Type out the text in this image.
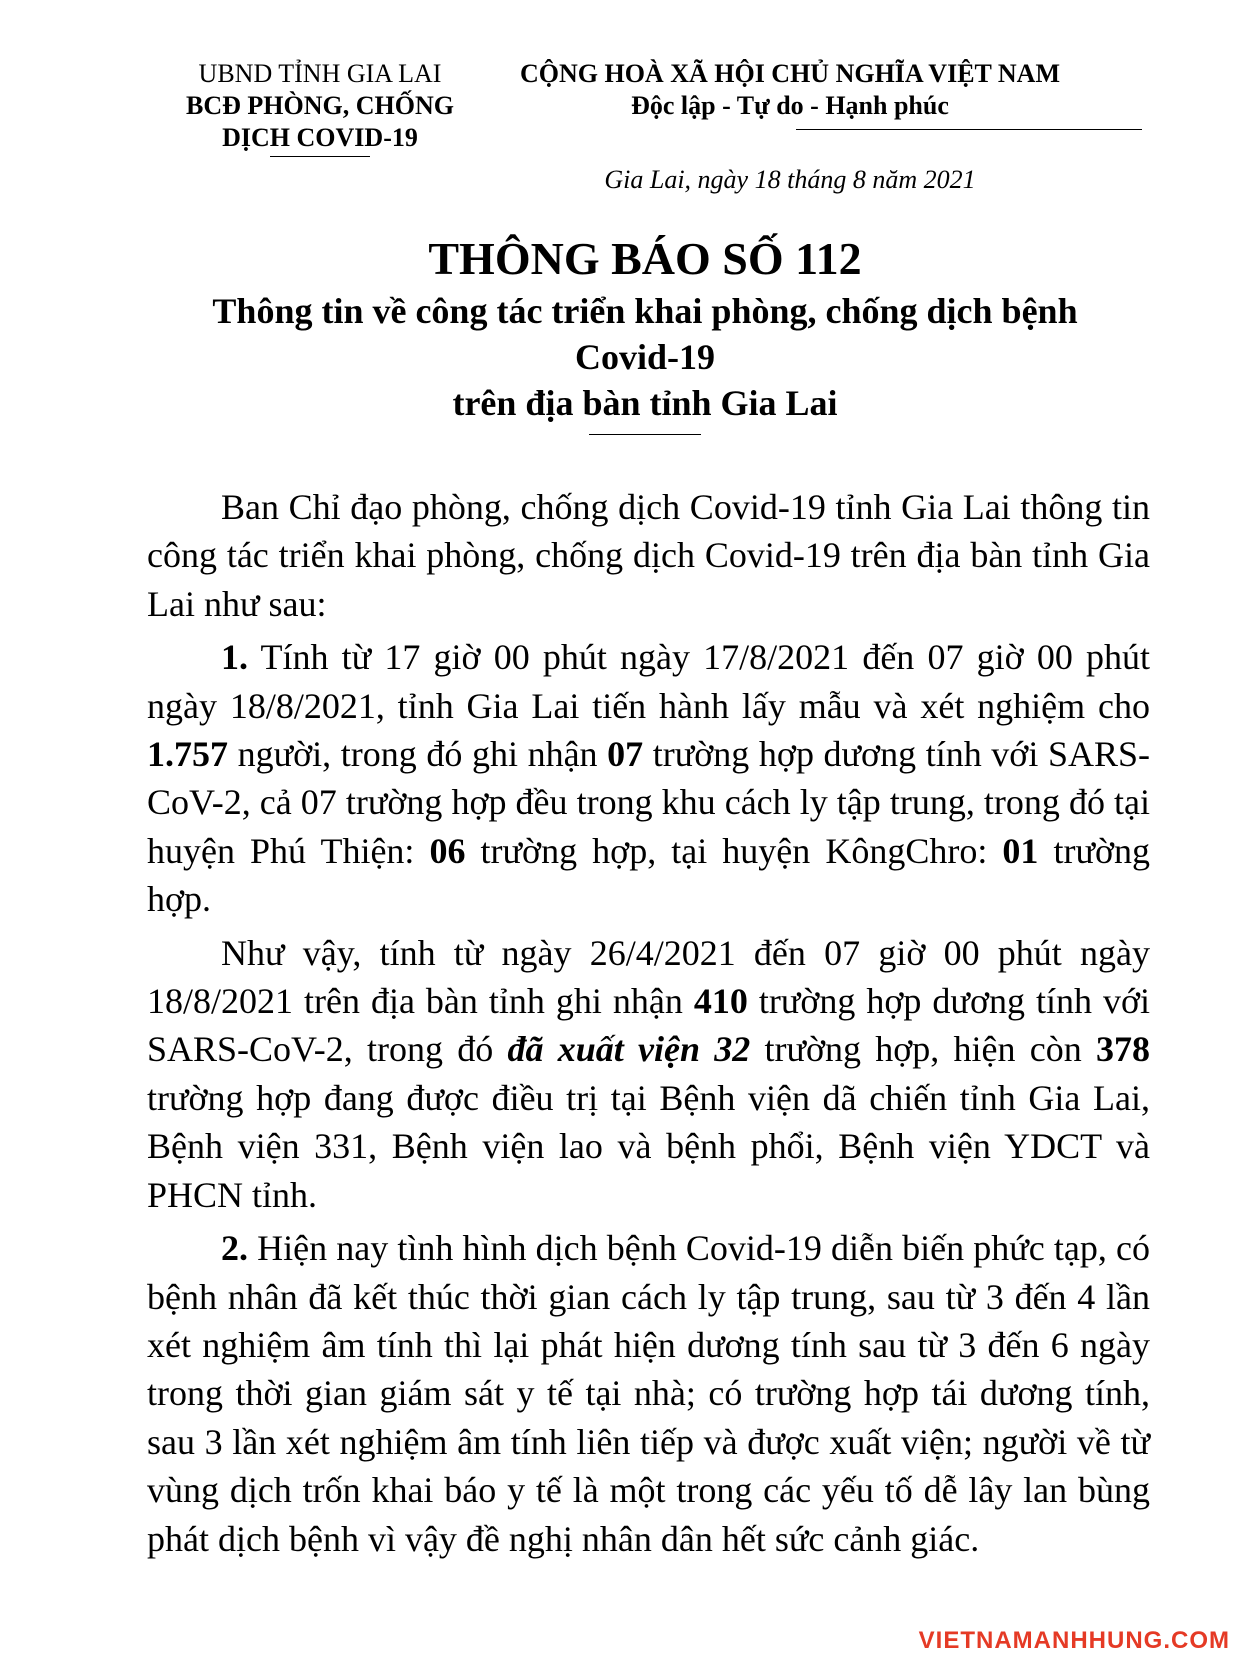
UBND TỈNH GIA LAI
BCĐ PHÒNG, CHỐNG
DỊCH COVID-19
CỘNG HOÀ XÃ HỘI CHỦ NGHĨA VIỆT NAM
Độc lập - Tự do - Hạnh phúc
Gia Lai, ngày 18 tháng 8 năm 2021
THÔNG BÁO SỐ 112
Thông tin về công tác triển khai phòng, chống dịch bệnh
Covid-19
trên địa bàn tỉnh Gia Lai

Ban Chỉ đạo phòng, chống dịch Covid-19 tỉnh Gia Lai thông tin công tác triển khai phòng, chống dịch Covid-19 trên địa bàn tỉnh Gia Lai như sau:

1. Tính từ 17 giờ 00 phút ngày 17/8/2021 đến 07 giờ 00 phút ngày 18/8/2021, tỉnh Gia Lai tiến hành lấy mẫu và xét nghiệm cho 1.757 người, trong đó ghi nhận 07 trường hợp dương tính với SARS-CoV-2, cả 07 trường hợp đều trong khu cách ly tập trung, trong đó tại huyện Phú Thiện: 06 trường hợp, tại huyện KôngChro: 01 trường hợp.

Như vậy, tính từ ngày 26/4/2021 đến 07 giờ 00 phút ngày 18/8/2021 trên địa bàn tỉnh ghi nhận 410 trường hợp dương tính với SARS-CoV-2, trong đó đã xuất viện 32 trường hợp, hiện còn 378 trường hợp đang được điều trị tại Bệnh viện dã chiến tỉnh Gia Lai, Bệnh viện 331, Bệnh viện lao và bệnh phổi, Bệnh viện YDCT và PHCN tỉnh.

2. Hiện nay tình hình dịch bệnh Covid-19 diễn biến phức tạp, có bệnh nhân đã kết thúc thời gian cách ly tập trung, sau từ 3 đến 4 lần xét nghiệm âm tính thì lại phát hiện dương tính sau từ 3 đến 6 ngày trong thời gian giám sát y tế tại nhà; có trường hợp tái dương tính, sau 3 lần xét nghiệm âm tính liên tiếp và được xuất viện; người về từ vùng dịch trốn khai báo y tế là một trong các yếu tố dễ lây lan bùng phát dịch bệnh vì vậy đề nghị nhân dân hết sức cảnh giác.

VIETNAMANHHUNG.COM
